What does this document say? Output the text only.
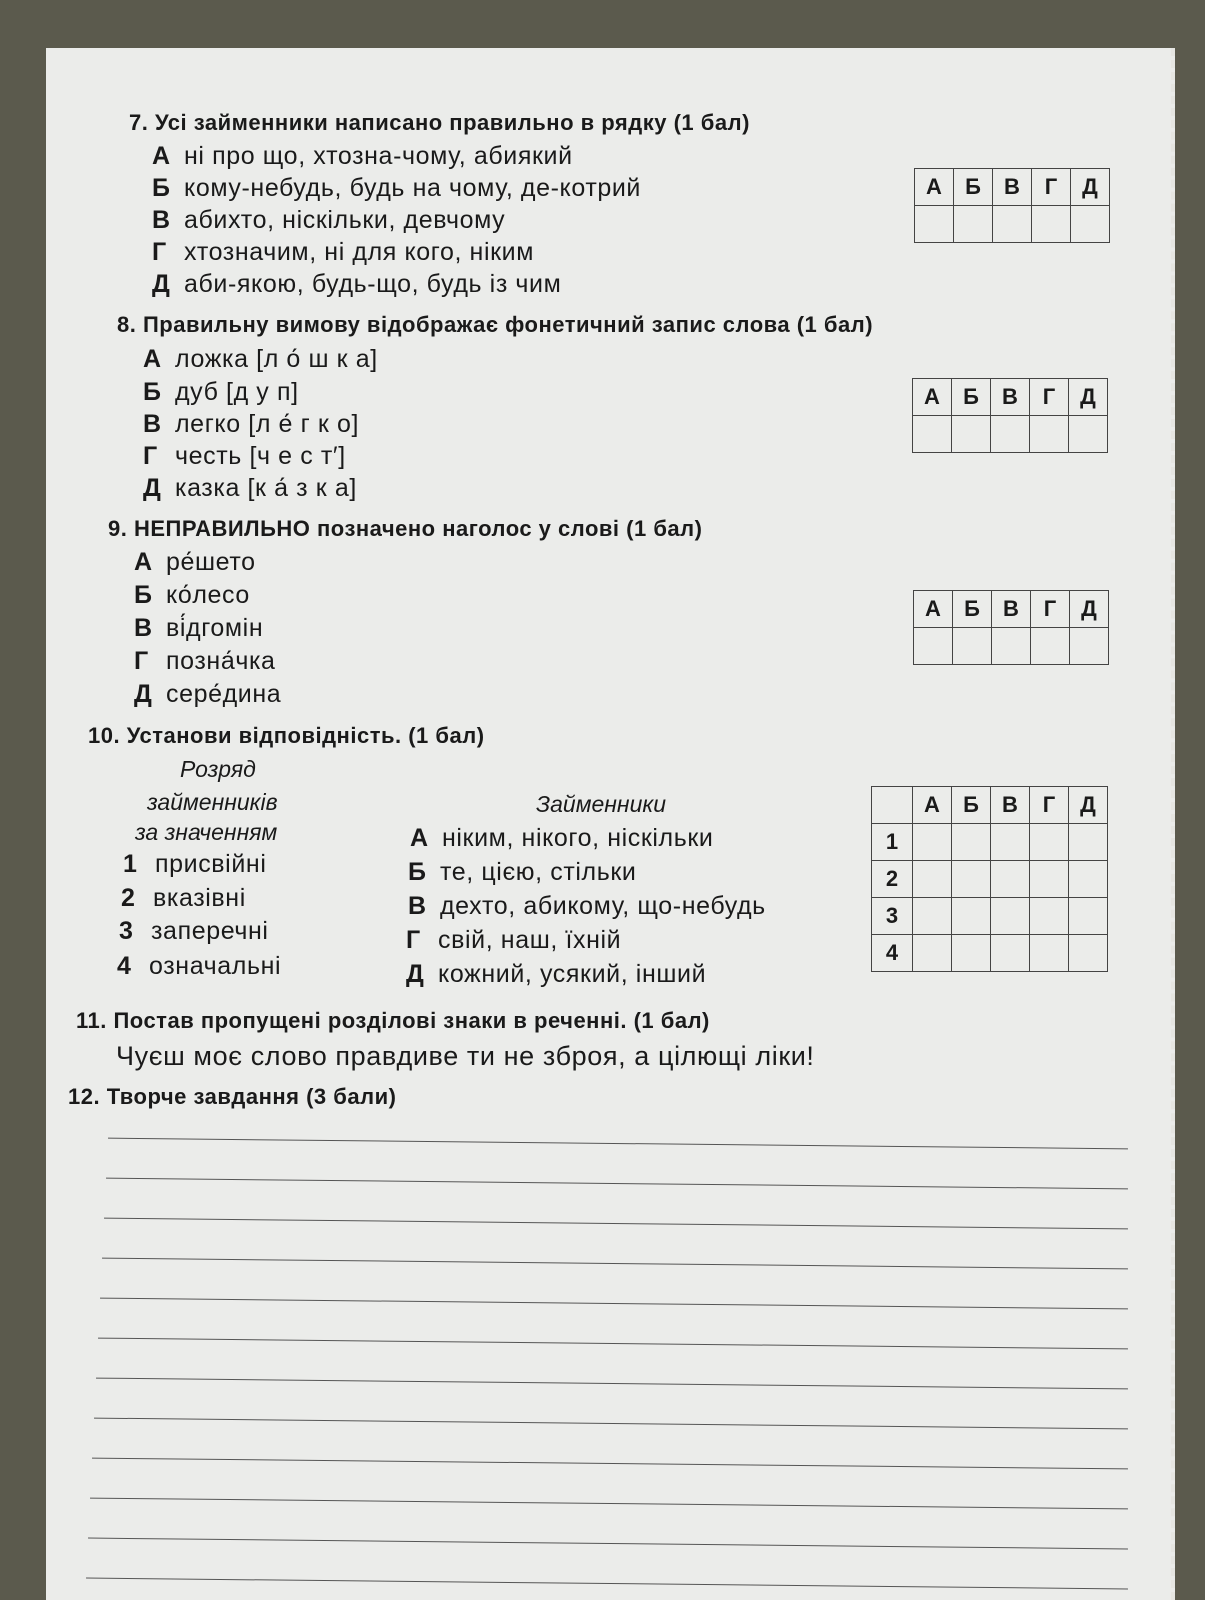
7. Усі займенники написано правильно в рядку (1 бал)
А ні про що, хтозна-чому, абиякий
Б кому-небудь, будь на чому, де-котрий
В абихто, нiскiльки, девчому
Г хтозначим, ні для кого, ніким
Д аби-якою, будь-що, будь із чим
А	Б	В	Г	Д

8. Правильну вимову відображає фонетичний запис слова (1 бал)
А ложка [л о́ ш к а]
Б дуб [д у п]
В легко [л е́ г к о]
Г честь [ч е с т′]
Д казка [к а́ з к а]
А	Б	В	Г	Д

9. НЕПРАВИЛЬНО позначено наголос у слові (1 бал)
А ре́шето
Б ко́лесо
В ві́дгомін
Г позна́чка
Д сере́дина
А	Б	В	Г	Д

10. Установи відповідність. (1 бал)
Розряд
займенників
за значенням
Займенники
1 присвійні
2 вказівні
3 заперечні
4 означальні
А ніким, нікого, нiскiльки
Б те, цією, стільки
В дехто, абикому, що-небудь
Г свій, наш, їхній
Д кожний, усякий, інший
	А	Б	В	Г	Д
1					
2					
3					
4					
11. Постав пропущені розділові знаки в реченні. (1 бал)
Чуєш моє слово правдиве ти не зброя, а цілющі ліки!
12. Творче завдання (3 бали)
